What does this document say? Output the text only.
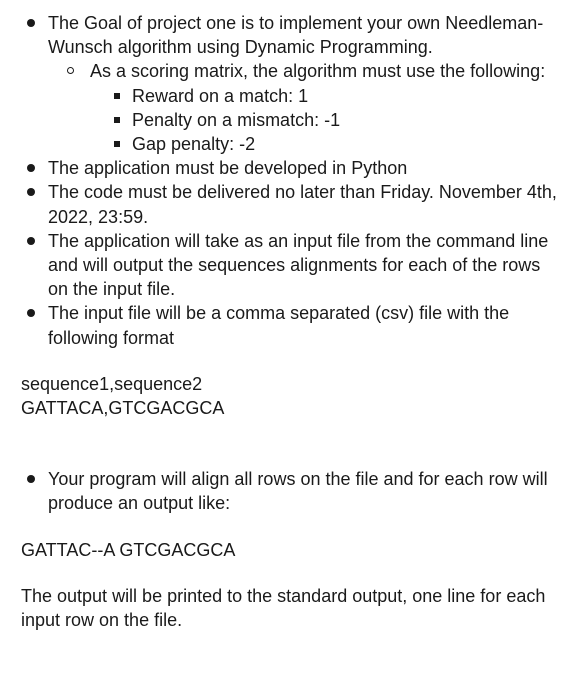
The Goal of project one is to implement your own Needleman-Wunsch algorithm using Dynamic Programming.
As a scoring matrix, the algorithm must use the following:
Reward on a match: 1
Penalty on a mismatch: -1
Gap penalty: -2
The application must be developed in Python
The code must be delivered no later than Friday. November 4th, 2022, 23:59.
The application will take as an input file from the command line and will output the sequences alignments for each of the rows on the input file.
The input file will be a comma separated (csv) file with the following format

sequence1,sequence2

GATTACA,GTCGACGCA

Your program will align all rows on the file and for each row will produce an output like:

GATTAC--A GTCGACGCA

The output will be printed to the standard output, one line for each input row on the file.
